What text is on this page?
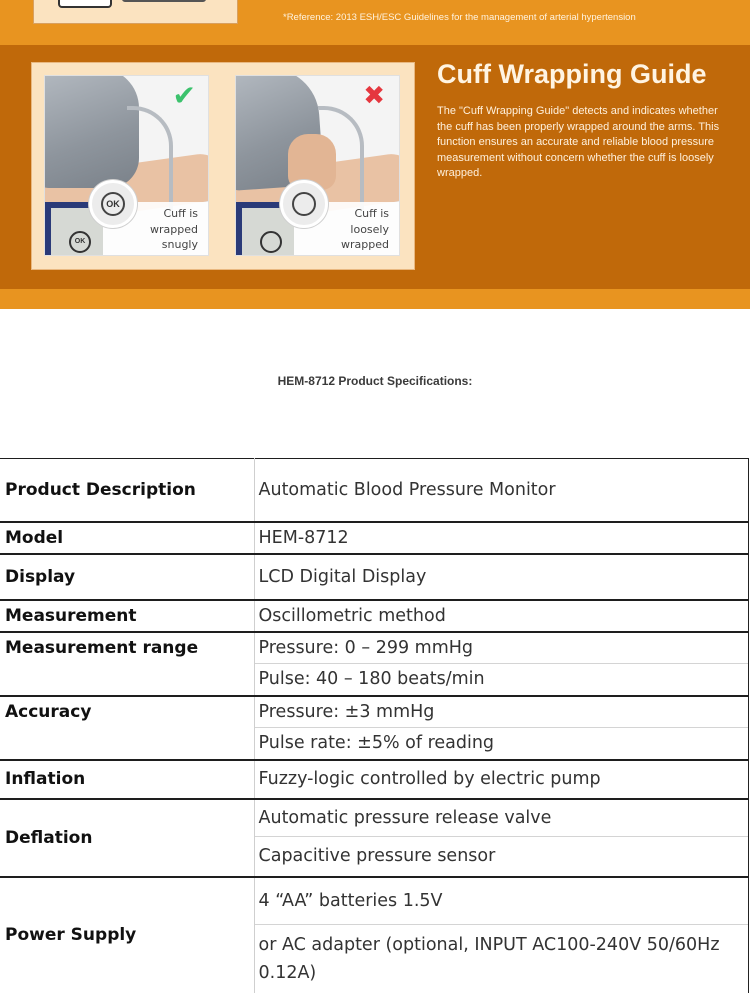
*Reference: 2013 ESH/ESC Guidelines for the management of arterial hypertension
OK
OK
Cuff is
wrapped
snugly
✔
Cuff is
loosely
wrapped
✖
Cuff Wrapping Guide
The "Cuff Wrapping Guide" detects and indicates whether the cuff has been properly wrapped around the arms. This function ensures an accurate and reliable blood pressure measurement without concern whether the cuff is loosely wrapped.
HEM-8712 Product Specifications:
Product Description	Automatic Blood Pressure Monitor
Model	HEM-8712
Display	LCD Digital Display
Measurement	Oscillometric method
Measurement range	Pressure: 0 – 299 mmHg
	Pulse: 40 – 180 beats/min
Accuracy	Pressure: ±3 mmHg
	Pulse rate: ±5% of reading
Inflation	Fuzzy-logic controlled by electric pump
Deflation	Automatic pressure release valve
	Capacitive pressure sensor
Power Supply	4 “AA” batteries 1.5V
	or AC adapter (optional, INPUT AC100-240V 50/60Hz 0.12A)
